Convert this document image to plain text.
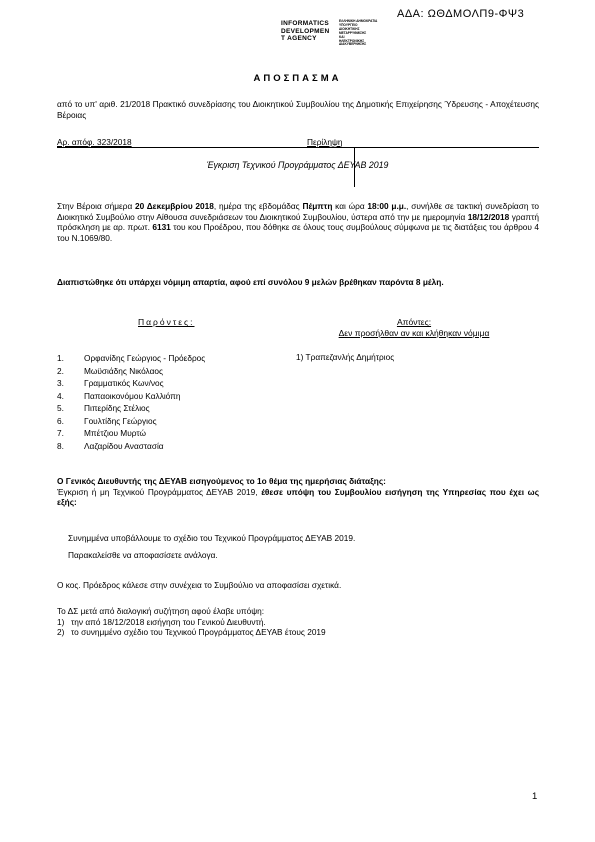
ΑΔΑ: ΩΘΔΜΟΛΠ9-ΦΨ3
INFORMATICS
DEVELOPMEN
T AGENCY
ΕΛΛΗΝΙΚΗ ΔΗΜΟΚΡΑΤΙΑ
ΥΠΟΥΡΓΕΙΟ
ΔΙΟΙΚΗΤΙΚΗΣ
ΜΕΤΑΡΡΥΘΜΙΣΗΣ
ΚΑΙ
ΗΛΕΚΤΡΟΝΙΚΗΣ
ΔΙΑΚΥΒΕΡΝΗΣΗΣ
ΑΠΟΣΠΑΣΜΑ
από το υπ' αριθ. 21/2018 Πρακτικό συνεδρίασης του Διοικητικού Συμβουλίου της Δημοτικής Επιχείρησης Ύδρευσης - Αποχέτευσης Βέροιας
Αρ. απόφ. 323/2018	Περίληψη
Έγκριση Τεχνικού Προγράμματος ΔΕΥΑΒ 2019
Στην Βέροια σήμερα 20 Δεκεμβρίου 2018, ημέρα της εβδομάδας Πέμπτη και ώρα 18:00 μ.μ., συνήλθε σε τακτική συνεδρίαση το Διοικητικό Συμβούλιο στην Αίθουσα συνεδριάσεων του Διοικητικού Συμβουλίου, ύστερα από την με ημερομηνία 18/12/2018 γραπτή πρόσκληση με αρ. πρωτ. 6131 του κου Προέδρου, που δόθηκε σε όλους τους συμβούλους σύμφωνα με τις διατάξεις του άρθρου 4 του Ν.1069/80.
Διαπιστώθηκε ότι υπάρχει νόμιμη απαρτία, αφού επί συνόλου 9 μελών βρέθηκαν παρόντα 8 μέλη.
Παρόντες:	Απόντες:
Δεν προσήλθαν αν και κλήθηκαν νόμιμα
1.	Ορφανίδης Γεώργιος - Πρόεδρος
2.	Μωϋσιάδης Νικόλαος
3.	Γραμματικός Κων/νος
4.	Παπαοικονόμου Καλλιόπη
5.	Πιπερίδης Στέλιος
6.	Γουλτίδης Γεώργιος
7.	Μπέτζιου Μυρτώ
8.	Λαζαρίδου Αναστασία
1) Τραπεζανλής Δημήτριος
Ο Γενικός Διευθυντής της ΔΕΥΑΒ εισηγούμενος το 1ο θέμα της ημερήσιας διάταξης:
Έγκριση ή μη Τεχνικού Προγράμματος ΔΕΥΑΒ 2019, έθεσε υπόψη του Συμβουλίου εισήγηση της Υπηρεσίας που έχει ως εξής:
Συνημμένα υποβάλλουμε το σχέδιο του Τεχνικού Προγράμματος ΔΕΥΑΒ 2019.
Παρακαλείσθε να αποφασίσετε ανάλογα.
Ο κος. Πρόεδρος κάλεσε στην συνέχεια το Συμβούλιο να αποφασίσει σχετικά.
Το ΔΣ μετά από διαλογική συζήτηση αφού έλαβε υπόψη:
1) την από 18/12/2018 εισήγηση του Γενικού Διευθυντή.
2) το συνημμένο σχέδιο του Τεχνικού Προγράμματος ΔΕΥΑΒ έτους 2019
1
